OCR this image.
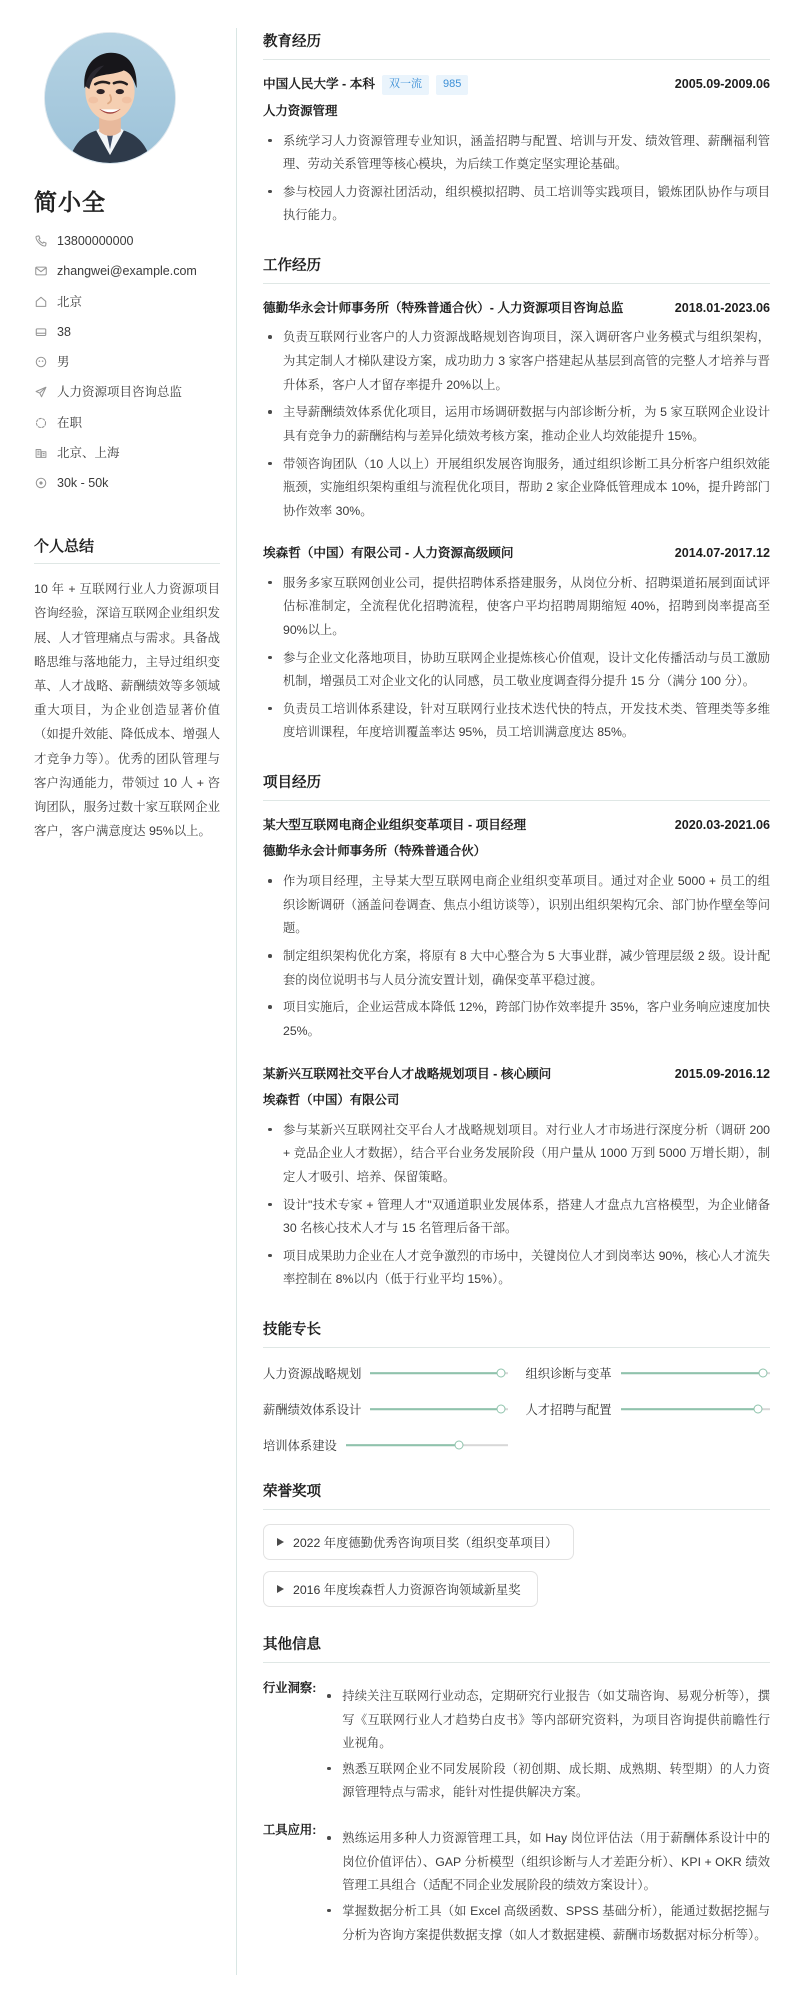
简小全
13800000000
zhangwei@example.com
北京
38
男
人力资源项目咨询总监
在职
北京、上海
30k - 50k
个人总结
10 年 + 互联网行业人力资源项目咨询经验，深谙互联网企业组织发展、人才管理痛点与需求。具备战略思维与落地能力，主导过组织变革、人才战略、薪酬绩效等多领域重大项目，为企业创造显著价值（如提升效能、降低成本、增强人才竞争力等）。优秀的团队管理与客户沟通能力，带领过 10 人 + 咨询团队，服务过数十家互联网企业客户，客户满意度达 95%以上。
教育经历
中国人民大学 - 本科 双一流 985	2005.09-2009.06
人力资源管理
系统学习人力资源管理专业知识，涵盖招聘与配置、培训与开发、绩效管理、薪酬福利管理、劳动关系管理等核心模块，为后续工作奠定坚实理论基础。
参与校园人力资源社团活动，组织模拟招聘、员工培训等实践项目，锻炼团队协作与项目执行能力。
工作经历
德勤华永会计师事务所（特殊普通合伙）- 人力资源项目咨询总监	2018.01-2023.06
负责互联网行业客户的人力资源战略规划咨询项目，深入调研客户业务模式与组织架构，为其定制人才梯队建设方案，成功助力 3 家客户搭建起从基层到高管的完整人才培养与晋升体系，客户人才留存率提升 20%以上。
主导薪酬绩效体系优化项目，运用市场调研数据与内部诊断分析，为 5 家互联网企业设计具有竞争力的薪酬结构与差异化绩效考核方案，推动企业人均效能提升 15%。
带领咨询团队（10 人以上）开展组织发展咨询服务，通过组织诊断工具分析客户组织效能瓶颈，实施组织架构重组与流程优化项目，帮助 2 家企业降低管理成本 10%，提升跨部门协作效率 30%。
埃森哲（中国）有限公司 - 人力资源高级顾问	2014.07-2017.12
服务多家互联网创业公司，提供招聘体系搭建服务，从岗位分析、招聘渠道拓展到面试评估标准制定，全流程优化招聘流程，使客户平均招聘周期缩短 40%，招聘到岗率提高至 90%以上。
参与企业文化落地项目，协助互联网企业提炼核心价值观，设计文化传播活动与员工激励机制，增强员工对企业文化的认同感，员工敬业度调查得分提升 15 分（满分 100 分）。
负责员工培训体系建设，针对互联网行业技术迭代快的特点，开发技术类、管理类等多维度培训课程，年度培训覆盖率达 95%，员工培训满意度达 85%。
项目经历
某大型互联网电商企业组织变革项目 - 项目经理	2020.03-2021.06
德勤华永会计师事务所（特殊普通合伙）
作为项目经理，主导某大型互联网电商企业组织变革项目。通过对企业 5000 + 员工的组织诊断调研（涵盖问卷调查、焦点小组访谈等），识别出组织架构冗余、部门协作壁垒等问题。
制定组织架构优化方案，将原有 8 大中心整合为 5 大事业群，减少管理层级 2 级。设计配套的岗位说明书与人员分流安置计划，确保变革平稳过渡。
项目实施后，企业运营成本降低 12%，跨部门协作效率提升 35%，客户业务响应速度加快 25%。
某新兴互联网社交平台人才战略规划项目 - 核心顾问	2015.09-2016.12
埃森哲（中国）有限公司
参与某新兴互联网社交平台人才战略规划项目。对行业人才市场进行深度分析（调研 200 + 竞品企业人才数据），结合平台业务发展阶段（用户量从 1000 万到 5000 万增长期），制定人才吸引、培养、保留策略。
设计"技术专家 + 管理人才"双通道职业发展体系，搭建人才盘点九宫格模型，为企业储备 30 名核心技术人才与 15 名管理后备干部。
项目成果助力企业在人才竞争激烈的市场中，关键岗位人才到岗率达 90%，核心人才流失率控制在 8%以内（低于行业平均 15%）。
技能专长
人力资源战略规划	组织诊断与变革
薪酬绩效体系设计	人才招聘与配置
培训体系建设
荣誉奖项
2022 年度德勤优秀咨询项目奖（组织变革项目）

2016 年度埃森哲人力资源咨询领域新星奖
其他信息
行业洞察:
持续关注互联网行业动态，定期研究行业报告（如艾瑞咨询、易观分析等），撰写《互联网行业人才趋势白皮书》等内部研究资料，为项目咨询提供前瞻性行业视角。
熟悉互联网企业不同发展阶段（初创期、成长期、成熟期、转型期）的人力资源管理特点与需求，能针对性提供解决方案。
工具应用:
熟练运用多种人力资源管理工具，如 Hay 岗位评估法（用于薪酬体系设计中的岗位价值评估）、GAP 分析模型（组织诊断与人才差距分析）、KPI + OKR 绩效管理工具组合（适配不同企业发展阶段的绩效方案设计）。
掌握数据分析工具（如 Excel 高级函数、SPSS 基础分析），能通过数据挖掘与分析为咨询方案提供数据支撑（如人才数据建模、薪酬市场数据对标分析等）。
